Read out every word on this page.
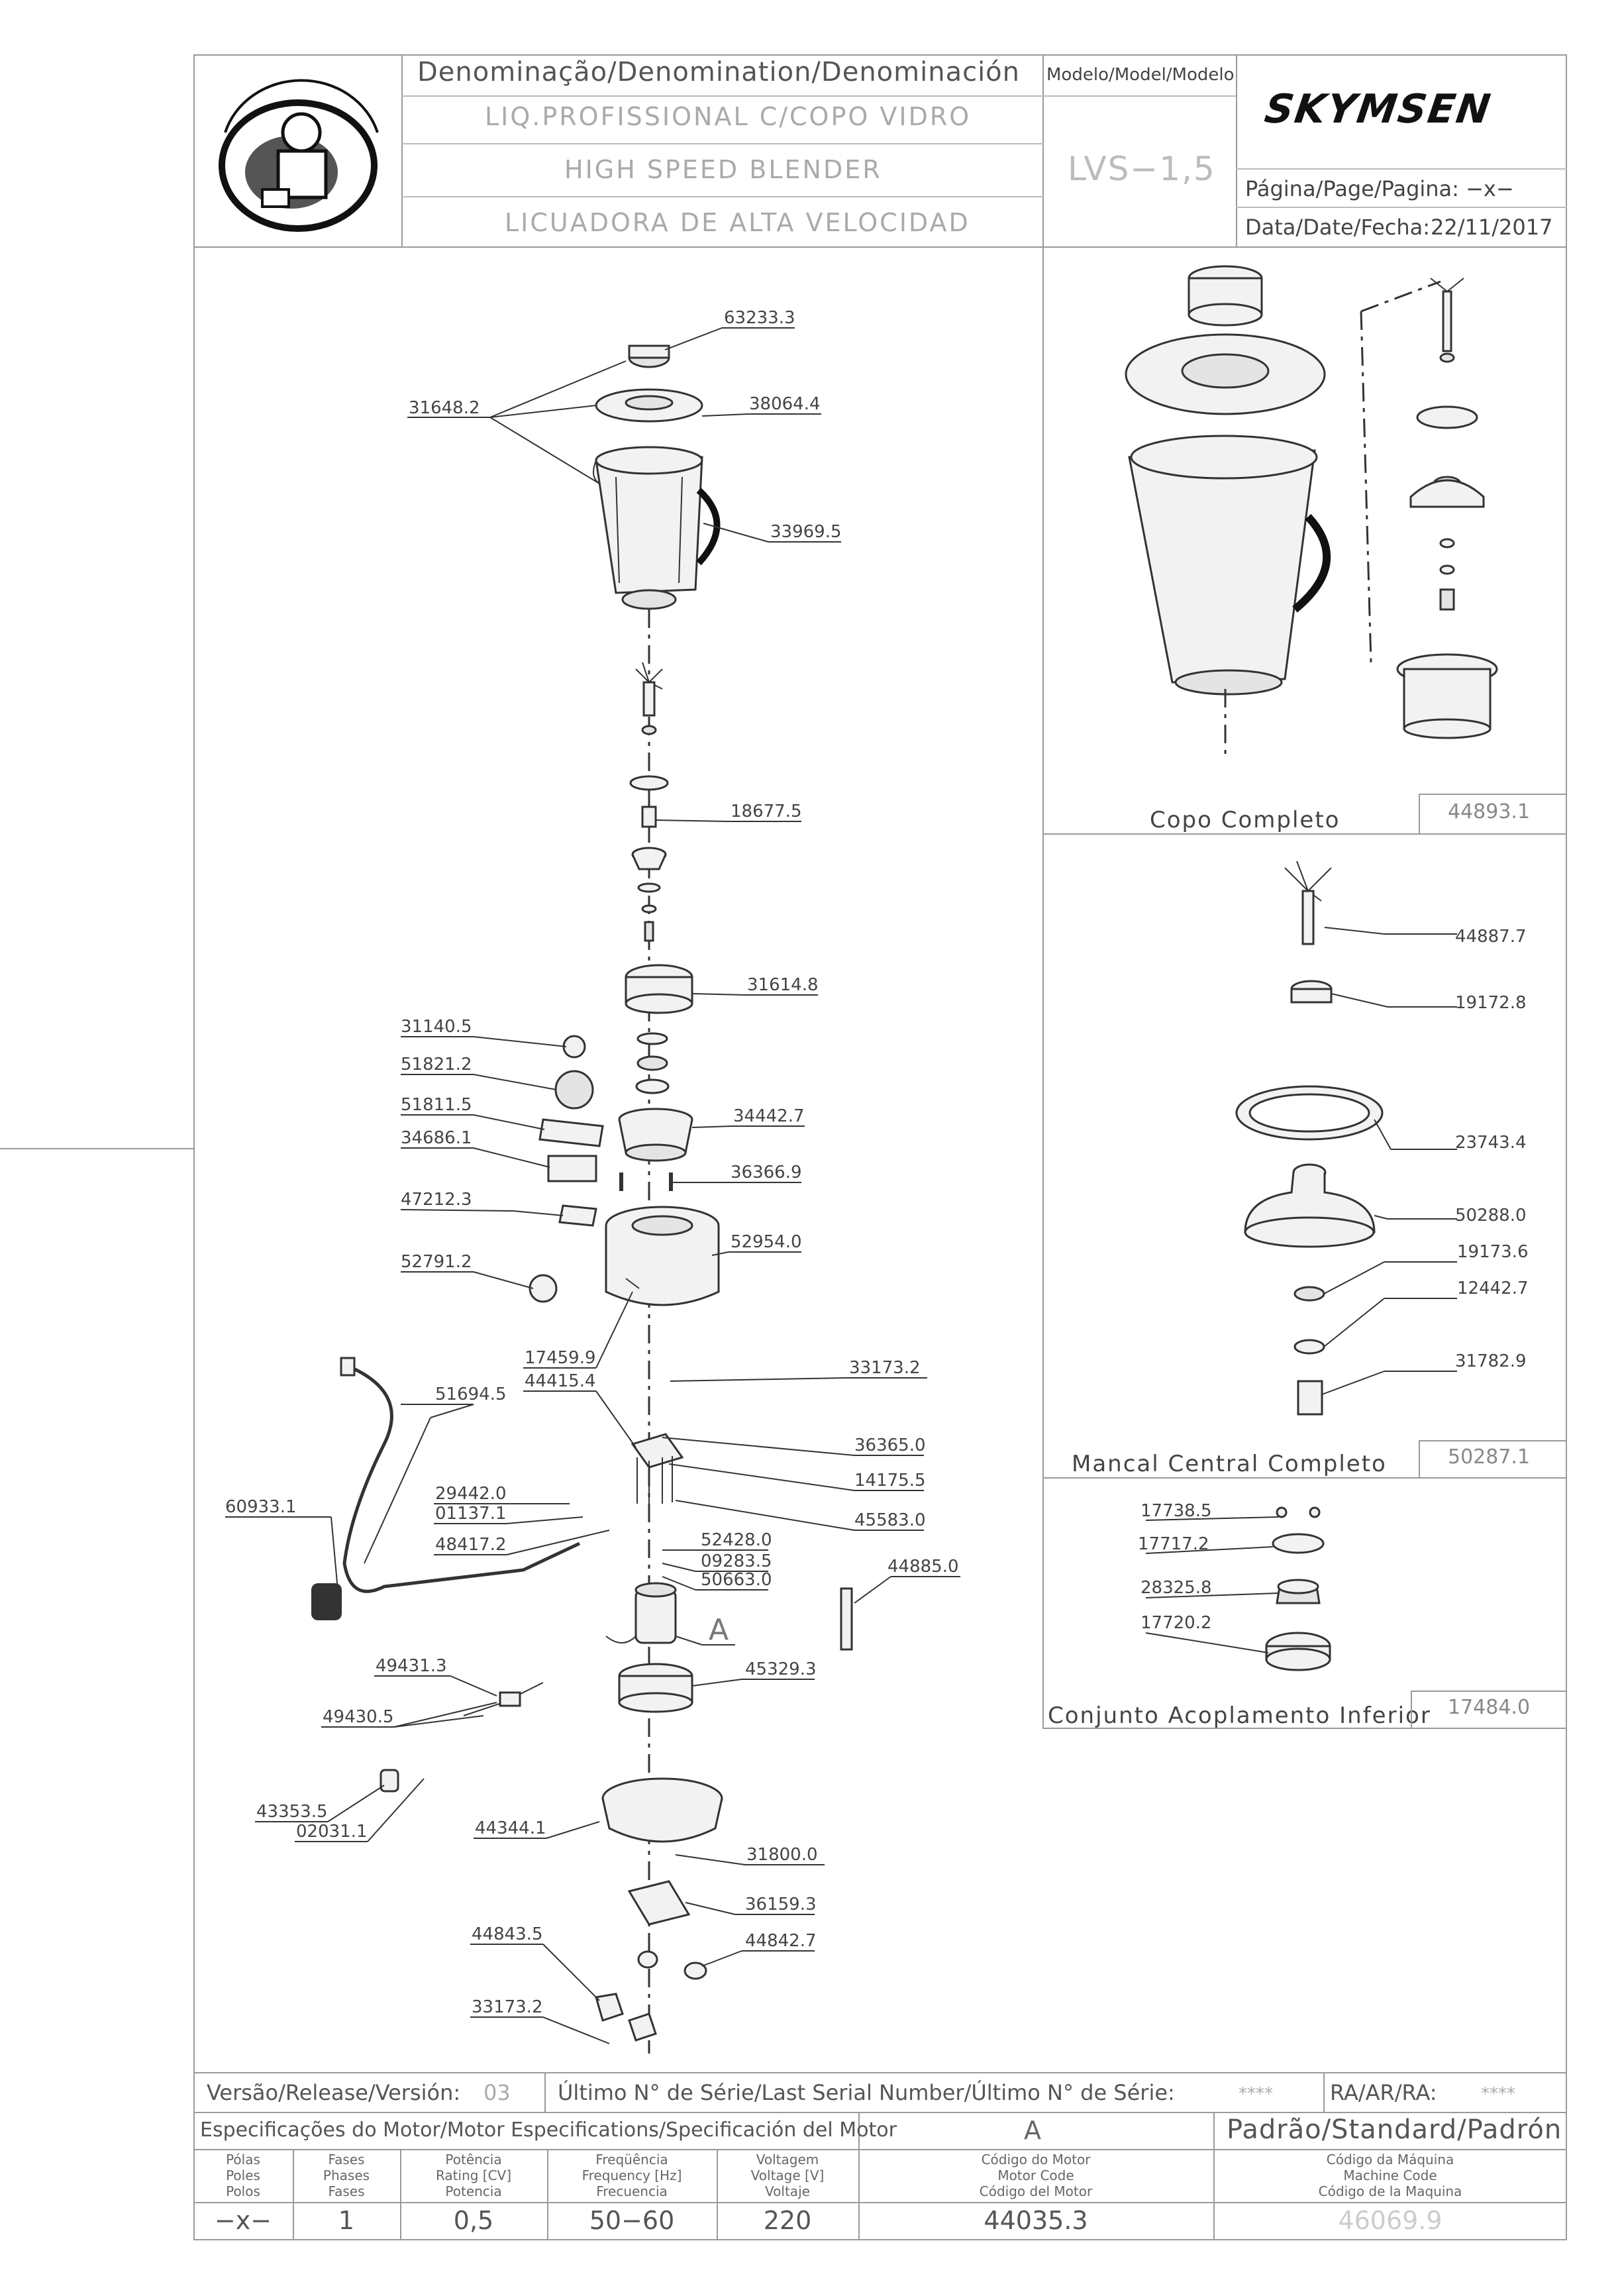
Denominação/Denomination/Denominación
LIQ.PROFISSIONAL C/COPO VIDRO
HIGH SPEED BLENDER
LICUADORA DE ALTA VELOCIDAD
Modelo/Model/Modelo
LVS−1,5
SKYMSEN
Página/Page/Pagina: −x−
Data/Date/Fecha: 22/11/2017
Copo Completo	44893.1
Mancal Central Completo	50287.1
Conjunto Acoplamento Inferior 17484.0
63233.3
31648.2	38064.4
33969.5
18677.5
31614.8
31140.5
51821.2
51811.5
34686.1
34442.7
36366.9
47212.3
52954.0
52791.2
17459.9
44415.4
33173.2
51694.5
36365.0
14175.5
60933.1
29442.0
01137.1
48417.2
45583.0
52428.0
09283.5
50663.0
44885.0
A
49431.3	45329.3
49430.5
43353.5
02031.1	44344.1
31800.0
36159.3
44843.5	44842.7
33173.2
44887.7
19172.8
23743.4
50288.0
19173.6
12442.7
31782.9
17738.5
17717.2
28325.8
17720.2
Versão/Release/Versión: 03 Último N° de Série/Last Serial Number/Último N° de Série:	****	RA/AR/RA:	****
Especificações do Motor/Motor Especifications/Specificación del Motor	A	Padrão/Standard/Padrón
Pólas
Poles
Polos
Fases
Phases
Fases
Potência
Rating [CV]
Potencia
Freqüência
Frequency [Hz]
Frecuencia
Voltagem
Voltage [V]
Voltaje
Código do Motor
Motor Code
Código del Motor
Código da Máquina
Machine Code
Código de la Maquina
−x−	1	0,5	50−60	220	44035.3	46069.9
